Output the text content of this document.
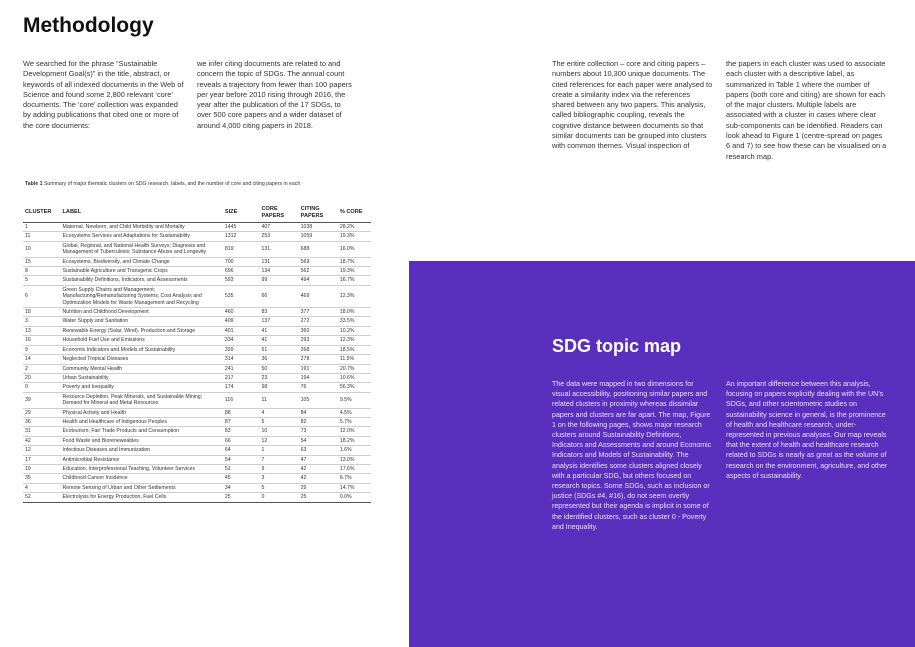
Methodology

We searched for the phrase “Sustainable Development Goal(s)” in the title, abstract, or keywords of all indexed documents in the Web of Science and found some 2,800 relevant ‘core’ documents. The ‘core’ collection was expanded by adding publications that cited one or more of the core documents:

we infer citing documents are related to and concern the topic of SDGs. The annual count reveals a trajectory from fewer than 100 papers per year before 2010 rising through 2016, the year after the publication of the 17 SDGs, to over 500 core papers and a wider dataset of around 4,000 citing papers in 2018.

The entire collection – core and citing papers – numbers about 10,300 unique documents. The cited references for each paper were analysed to create a similarity index via the references shared between any two papers. This analysis, called bibliographic coupling, reveals the cognitive distance between documents so that similar documents can be grouped into clusters with common themes. Visual inspection of

the papers in each cluster was used to associate each cluster with a descriptive label, as summarized in Table 1 where the number of papers (both core and citing) are shown for each of the major clusters. Multiple labels are associated with a cluster in cases where clear sub-components can be identified. Readers can look ahead to Figure 1 (centre-spread on pages 6 and 7) to see how these can be visualised on a research map.

Table 1 Summary of major thematic clusters on SDG research, labels, and the number of core and citing papers in each
CLUSTER	LABEL	SIZE	CORE PAPERS	CITING PAPERS	% CORE
1	Maternal, Newborn, and Child Morbidity and Mortality	1445	407	1038	28.2%
11	Ecosystems Services and Adaptations for Sustainability	1312	253	1059	19.3%
10	Global, Regional, and National Health Surveys; Diagnosis and Management of Tuberculosis; Substance Abuse and Longevity	819	131	688	16.0%
15	Ecosystems, Biodiversity, and Climate Change	700	131	569	18.7%
8	Sustainable Agriculture and Transgenic Crops	696	134	562	19.3%
5	Sustainability Definitions, Indicators, and Assessments	593	99	494	16.7%
6	Green Supply Chains and Management; Manufacturing/Remanufacturing Systems; Cost Analysis and Optimization Models for Waste Management and Recycling	535	66	469	12.3%
18	Nutrition and Childhood Development	460	83	377	18.0%
3	Water Supply and Sanitation	409	137	272	33.5%
13	Renewable Energy (Solar, Wind), Production and Storage	401	41	360	10.2%
16	Household Fuel Use and Emissions	334	41	293	12.3%
9	Economic Indicators and Models of Sustainability	329	61	268	18.5%
14	Neglected Tropical Diseases	314	36	278	11.5%
2	Community Mental Health	241	50	191	20.7%
20	Urban Sustainability	217	23	194	10.6%
0	Poverty and Inequality	174	98	76	56.3%
39	Resource Depletion, Peak Minerals, and Sustainable Mining; Demand for Mineral and Metal Resources	116	11	105	9.5%
29	Physical Activity and Health	88	4	84	4.5%
36	Health and Healthcare of Indigenous Peoples	87	5	82	5.7%
31	Ecotourism; Fair Trade Products and Consumption	83	10	73	12.0%
42	Food Waste and Bioreneweables	66	12	54	18.2%
12	Infectious Diseases and Immunization	64	1	63	1.6%
17	Antimicrobial Resistance	54	7	47	13.0%
19	Education, Interprofessional Teaching, Volunteer Services	51	9	42	17.6%
35	Childhood Cancer Incidence	45	3	42	6.7%
4	Remote Sensing of Urban and Other Settlements	34	5	29	14.7%
52	Electrolysis for Energy Production, Fuel Cells	25	0	25	0.0%
SDG topic map

The data were mapped in two dimensions for visual accessibility, positioning similar papers and related clusters in proximity whereas dissimilar papers and clusters are far apart. The map, Figure 1 on the following pages, shows major research clusters around Sustainability Definitions, Indicators and Assessments and around Economic Indicators and Models of Sustainability. The analysis identifies some clusters aligned closely with a particular SDG, but others focused on research topics. Some SDGs, such as inclusion or justice (SDGs #4, #16), do not seem overtly represented but their agenda is implicit in some of the identified clusters, such as cluster 0 - Poverty and Inequality.

An important difference between this analysis, focusing on papers explicitly dealing with the UN’s SDGs, and other scientometric studies on sustainability science in general, is the prominence of health and healthcare research, under-represented in previous analyses. Our map reveals that the extent of health and healthcare research related to SDGs is nearly as great as the volume of research on the environment, agriculture, and other aspects of sustainability.
